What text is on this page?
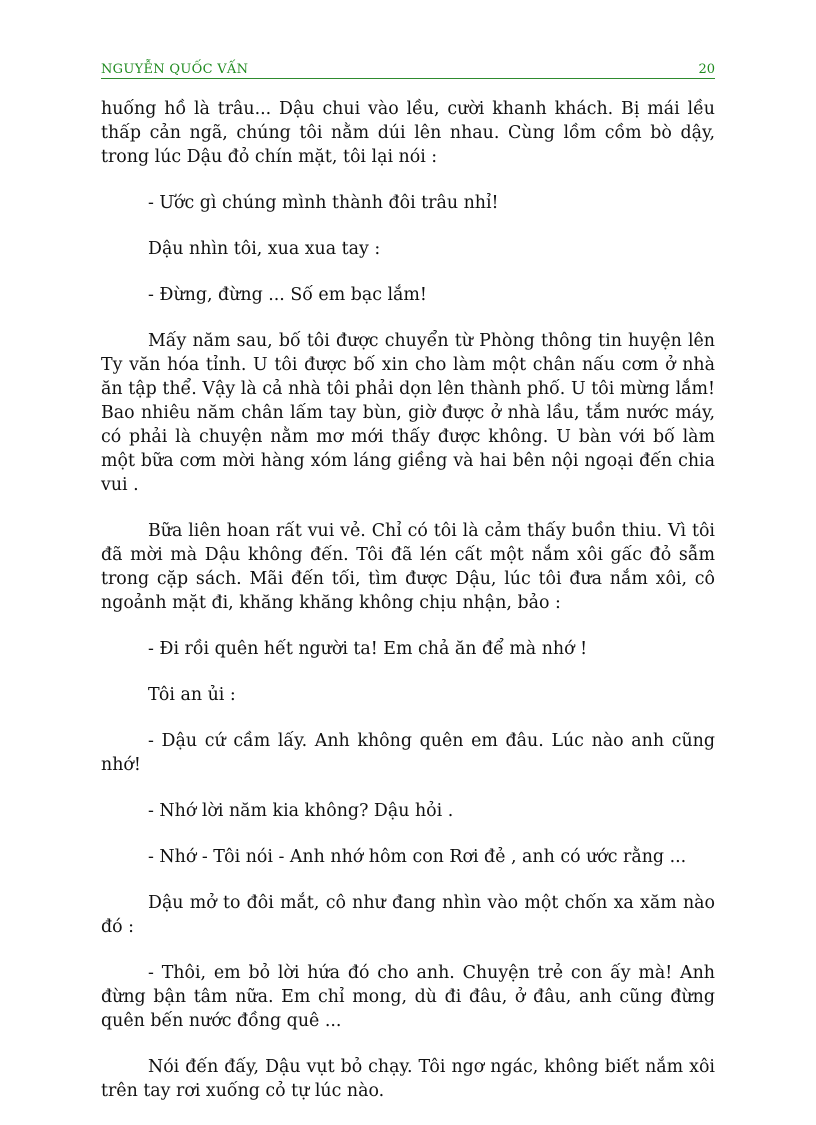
NGUYỄN QUỐC VẤN	20

huống hồ là trâu... Dậu chui vào lều, cười khanh khách. Bị mái lều thấp cản ngã, chúng tôi nằm dúi lên nhau. Cùng lồm cồm bò dậy, trong lúc Dậu đỏ chín mặt, tôi lại nói :

- Ước gì chúng mình thành đôi trâu nhỉ!

Dậu nhìn tôi, xua xua tay :

- Đừng, đừng ... Số em bạc lắm!

Mấy năm sau, bố tôi được chuyển từ Phòng thông tin huyện lên Ty văn hóa tỉnh. U tôi được bố xin cho làm một chân nấu cơm ở nhà ăn tập thể. Vậy là cả nhà tôi phải dọn lên thành phố. U tôi mừng lắm! Bao nhiêu năm chân lấm tay bùn, giờ được ở nhà lầu, tắm nước máy, có phải là chuyện nằm mơ mới thấy được không. U bàn với bố làm một bữa cơm mời hàng xóm láng giềng và hai bên nội ngoại đến chia vui .

Bữa liên hoan rất vui vẻ. Chỉ có tôi là cảm thấy buồn thiu. Vì tôi đã mời mà Dậu không đến. Tôi đã lén cất một nắm xôi gấc đỏ sẫm trong cặp sách. Mãi đến tối, tìm được Dậu, lúc tôi đưa nắm xôi, cô ngoảnh mặt đi, khăng khăng không chịu nhận, bảo :

- Đi rồi quên hết người ta! Em chả ăn để mà nhớ !

Tôi an ủi :

- Dậu cứ cầm lấy. Anh không quên em đâu. Lúc nào anh cũng nhớ!

- Nhớ lời năm kia không? Dậu hỏi .

- Nhớ - Tôi nói - Anh nhớ hôm con Rơi đẻ , anh có ước rằng ...

Dậu mở to đôi mắt, cô như đang nhìn vào một chốn xa xăm nào đó :

- Thôi, em bỏ lời hứa đó cho anh. Chuyện trẻ con ấy mà! Anh đừng bận tâm nữa. Em chỉ mong, dù đi đâu, ở đâu, anh cũng đừng quên bến nước đồng quê ...

Nói đến đấy, Dậu vụt bỏ chạy. Tôi ngơ ngác, không biết nắm xôi trên tay rơi xuống cỏ tự lúc nào.
